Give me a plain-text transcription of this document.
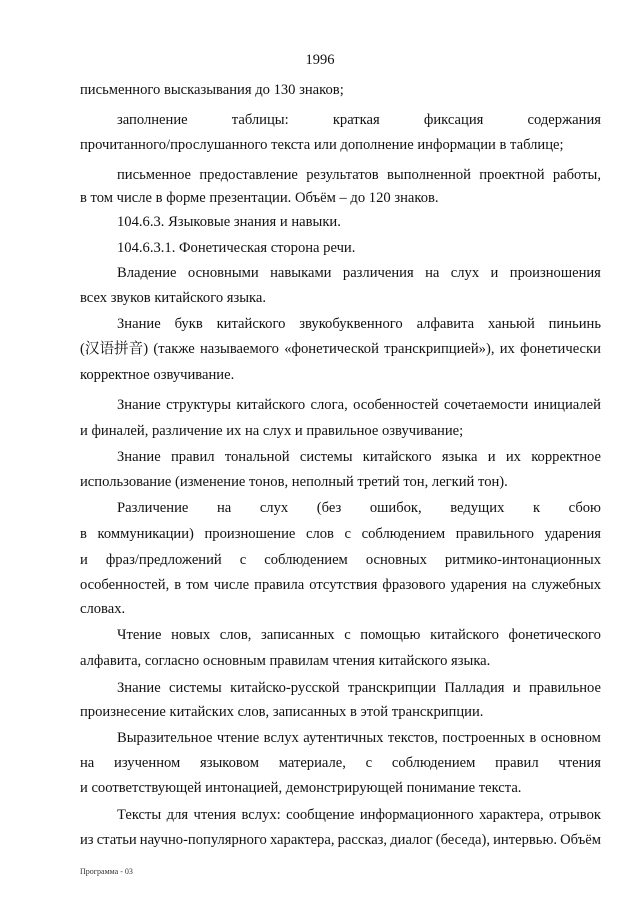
1996
письменного высказывания до 130 знаков;
заполнение	таблицы:	краткая	фиксация	содержания
прочитанного/прослушанного текста или дополнение информации в таблице;
письменное предоставление результатов выполненной проектной работы,
в том числе в форме презентации. Объём – до 120 знаков.
104.6.3. Языковые знания и навыки.
104.6.3.1. Фонетическая сторона речи.
Владение основными навыками различения на слух и произношения
всех звуков китайского языка.
Знание букв китайского звукобуквенного алфавита ханьюй пиньинь
(汉语拼音) (также называемого «фонетической транскрипцией»), их фонетически
корректное озвучивание.
Знание структуры китайского слога, особенностей сочетаемости инициалей
и финалей, различение их на слух и правильное озвучивание;
Знание правил тональной системы китайского языка и их корректное
использование (изменение тонов, неполный третий тон, легкий тон).
Различение на слух (без ошибок, ведущих к сбою
в коммуникации) произношение слов с соблюдением правильного ударения
и фраз/предложений с соблюдением основных ритмико-интонационных
особенностей, в том числе правила отсутствия фразового ударения на служебных
словах.
Чтение новых слов, записанных с помощью китайского фонетического
алфавита, согласно основным правилам чтения китайского языка.
Знание системы китайско-русской транскрипции Палладия и правильное
произнесение китайских слов, записанных в этой транскрипции.
Выразительное чтение вслух аутентичных текстов, построенных в основном
на изученном языковом материале, с соблюдением правил чтения
и соответствующей интонацией, демонстрирующей понимание текста.
Тексты для чтения вслух: сообщение информационного характера, отрывок
из статьи научно-популярного характера, рассказ, диалог (беседа), интервью. Объём
Программа - 03
